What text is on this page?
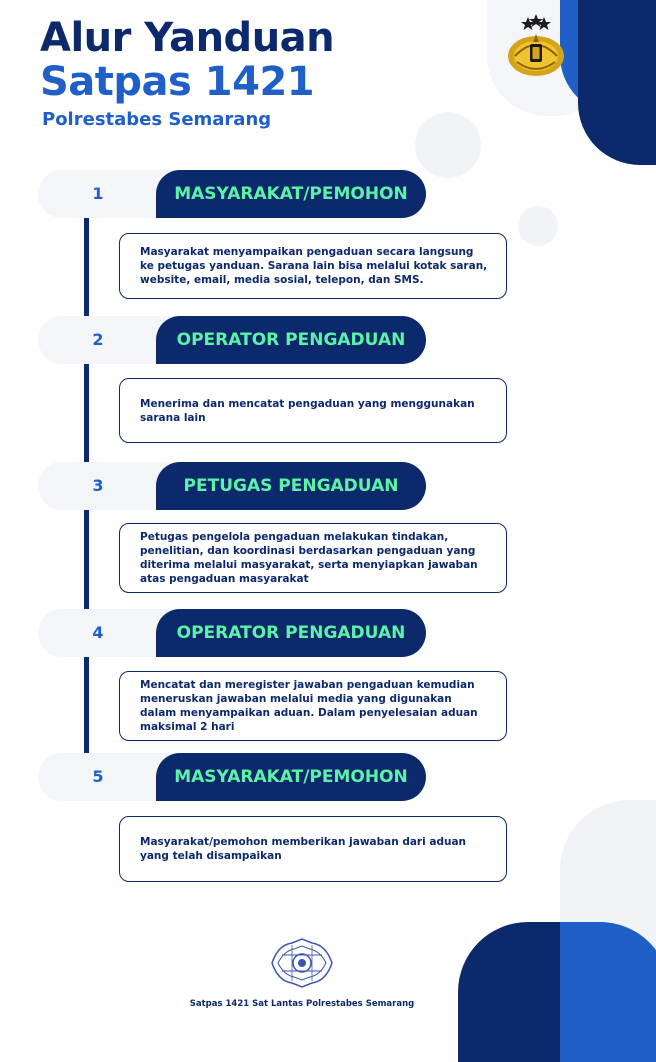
Alur Yanduan
Satpas 1421
Polrestabes Semarang
1	MASYARAKAT/PEMOHON
Masyarakat menyampaikan pengaduan secara langsung ke petugas yanduan. Sarana lain bisa melalui kotak saran, website, email, media sosial, telepon, dan SMS.
2	OPERATOR PENGADUAN
Menerima dan mencatat pengaduan yang menggunakan sarana lain
3	PETUGAS PENGADUAN
Petugas pengelola pengaduan melakukan tindakan, penelitian, dan koordinasi berdasarkan pengaduan yang diterima melalui masyarakat, serta menyiapkan jawaban atas pengaduan masyarakat
4	OPERATOR PENGADUAN
Mencatat dan meregister jawaban pengaduan kemudian meneruskan jawaban melalui media yang digunakan dalam menyampaikan aduan. Dalam penyelesaian aduan maksimal 2 hari
5	MASYARAKAT/PEMOHON
Masyarakat/pemohon memberikan jawaban dari aduan yang telah disampaikan
Satpas 1421 Sat Lantas Polrestabes Semarang
